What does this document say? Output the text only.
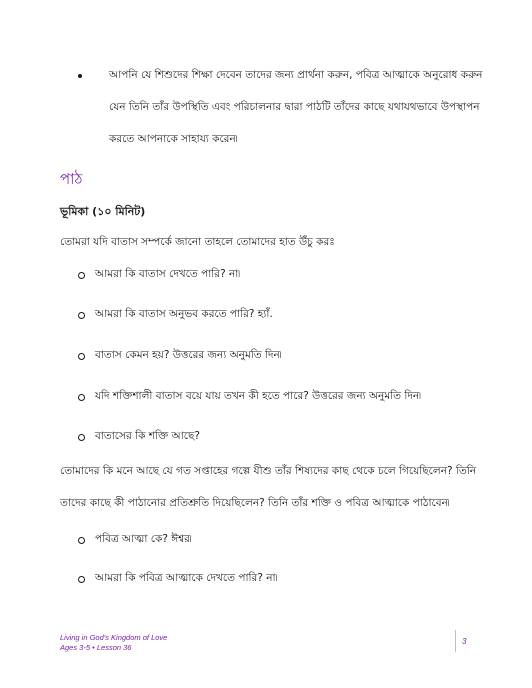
আপনি যে শিশুদের শিক্ষা দেবেন তাদের জন্য প্রার্থনা করুন, পবিত্র আত্মাকে অনুরোধ করুন
যেন তিনি তাঁর উপস্থিতি এবং পরিচালনার দ্বারা পাঠটি তাঁদের কাছে যথাযথভাবে উপস্থাপন
করতে আপনাকে সাহায্য করেন৷
পাঠ
ভূমিকা (১০ মিনিট)
তোমরা যদি বাতাস সম্পর্কে জানো তাহলে তোমাদের হাত উঁচু করঃ
আমরা কি বাতাস দেখতে পারি? না৷
আমরা কি বাতাস অনুভব করতে পারি? হ্যাঁ.
বাতাস কেমন হয়? উত্তরের জন্য অনুমতি দিন৷
যদি শক্তিশালী বাতাস বয়ে যায় তখন কী হতে পারে? উত্তরের জন্য অনুমতি দিন৷
বাতাসের কি শক্তি আছে?
তোমাদের কি মনে আছে যে গত সপ্তাহের গল্পে যীশু তাঁর শিষ্যদের কাছ থেকে চলে গিয়েছিলেন? তিনি
তাদের কাছে কী পাঠানোর প্রতিশ্রুতি দিয়েছিলেন? তিনি তাঁর শক্তি ও পবিত্র আত্মাকে পাঠাবেন৷
পবিত্র আত্মা কে? ঈশ্বর৷
আমরা কি পবিত্র আত্মাকে দেখতে পারি? না৷
Living in God's Kingdom of Love
Ages 3-5 • Lesson 36
3
